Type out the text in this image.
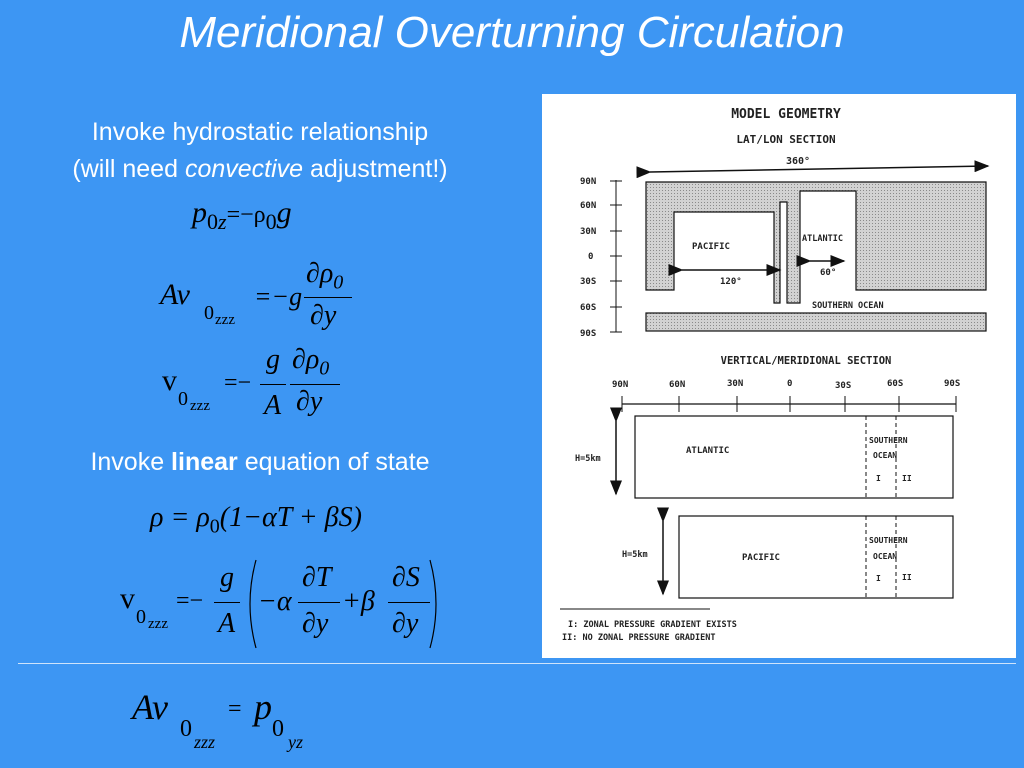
Meridional Overturning Circulation
Invoke hydrostatic relationship
(will need convective adjustment!)
$p_{0z}=-\rho_0g$
Av
0 zzz
=−g
$\partial\rho_0$
∂y
v
0 zzz
=−
g
A
$\partial\rho_0$
∂y
Invoke linear equation of state
$\rho = \rho_0(1-\alpha T + \beta S)$
v
0 zzz
=−
g
A
−α
∂T
∂y
+β
∂S
∂y
Av
0 zzz
= p
0 yz
MODEL GEOMETRY
LAT/LON SECTION
360°
90N
60N
30N
0
30S
60S
90S
PACIFIC
ATLANTIC
120°
60°
SOUTHERN OCEAN
VERTICAL/MERIDIONAL SECTION
90N	60N	30N	0	30S	60S	90S
ATLANTIC
SOUTHERN
OCEAN
I	II
H=5km
PACIFIC
SOUTHERN
OCEAN
I	II
H=5km
I: ZONAL PRESSURE GRADIENT EXISTS
II: NO ZONAL PRESSURE GRADIENT
